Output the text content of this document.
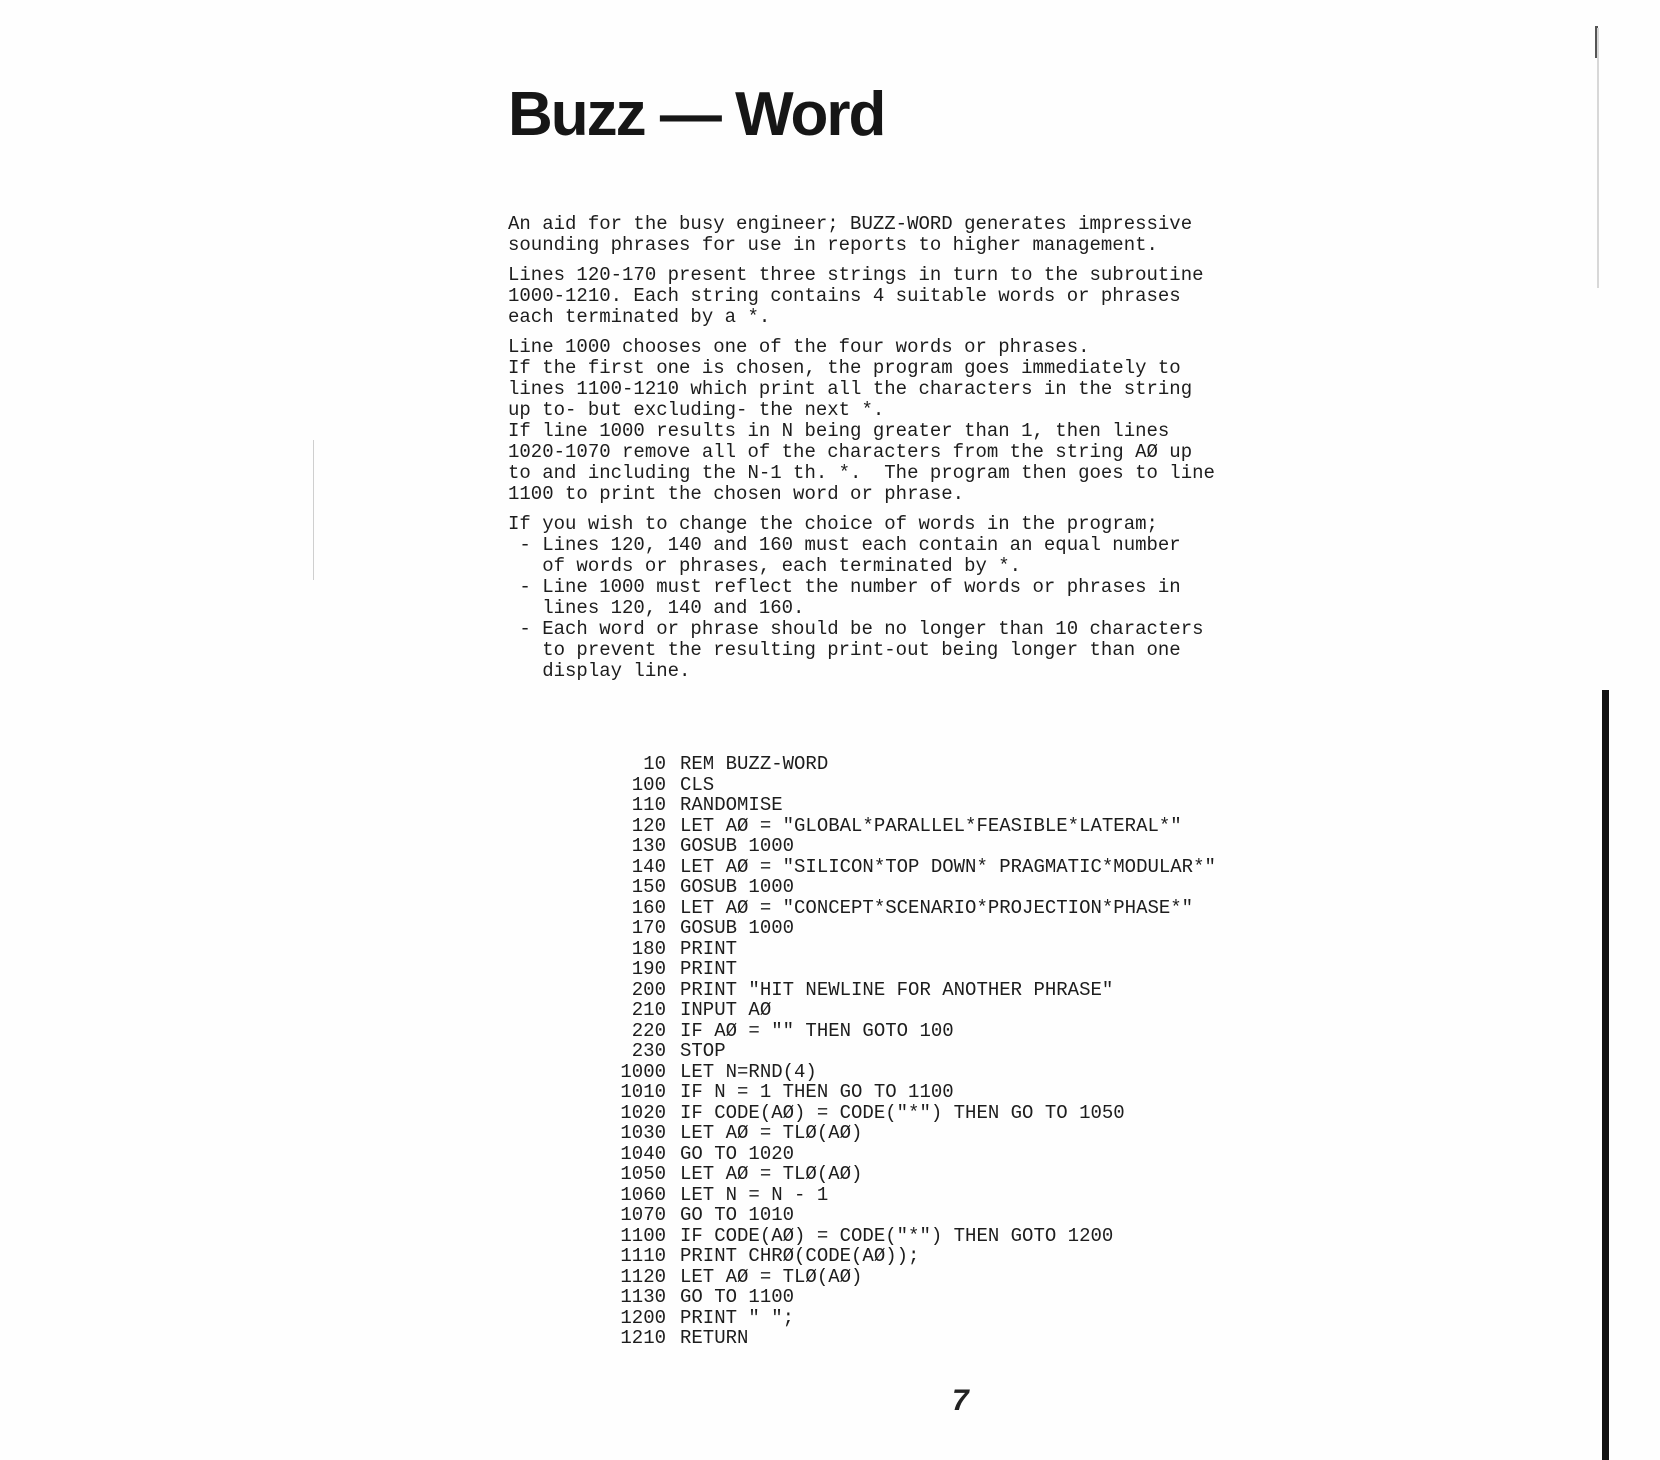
Buzz — Word
An aid for the busy engineer; BUZZ-WORD generates impressive
sounding phrases for use in reports to higher management.
Lines 120-170 present three strings in turn to the subroutine
1000-1210. Each string contains 4 suitable words or phrases
each terminated by a *.
Line 1000 chooses one of the four words or phrases.
If the first one is chosen, the program goes immediately to
lines 1100-1210 which print all the characters in the string
up to- but excluding- the next *.
If line 1000 results in N being greater than 1, then lines
1020-1070 remove all of the characters from the string AØ up
to and including the N-1 th. *.  The program then goes to line
1100 to print the chosen word or phrase.
If you wish to change the choice of words in the program;
- Lines 120, 140 and 160 must each contain an equal number
of words or phrases, each terminated by *.
- Line 1000 must reflect the number of words or phrases in
lines 120, 140 and 160.
- Each word or phrase should be no longer than 10 characters
to prevent the resulting print-out being longer than one
display line.
10 REM BUZZ-WORD
100 CLS
110 RANDOMISE
120 LET AØ = "GLOBAL*PARALLEL*FEASIBLE*LATERAL*"
130 GOSUB 1000
140 LET AØ = "SILICON*TOP DOWN* PRAGMATIC*MODULAR*"
150 GOSUB 1000
160 LET AØ = "CONCEPT*SCENARIO*PROJECTION*PHASE*"
170 GOSUB 1000
180 PRINT
190 PRINT
200 PRINT "HIT NEWLINE FOR ANOTHER PHRASE"
210 INPUT AØ
220 IF AØ = "" THEN GOTO 100
230 STOP
1000 LET N=RND(4)
1010 IF N = 1 THEN GO TO 1100
1020 IF CODE(AØ) = CODE("*") THEN GO TO 1050
1030 LET AØ = TLØ(AØ)
1040 GO TO 1020
1050 LET AØ = TLØ(AØ)
1060 LET N = N - 1
1070 GO TO 1010
1100 IF CODE(AØ) = CODE("*") THEN GOTO 1200
1110 PRINT CHRØ(CODE(AØ));
1120 LET AØ = TLØ(AØ)
1130 GO TO 1100
1200 PRINT " ";
1210 RETURN
7
